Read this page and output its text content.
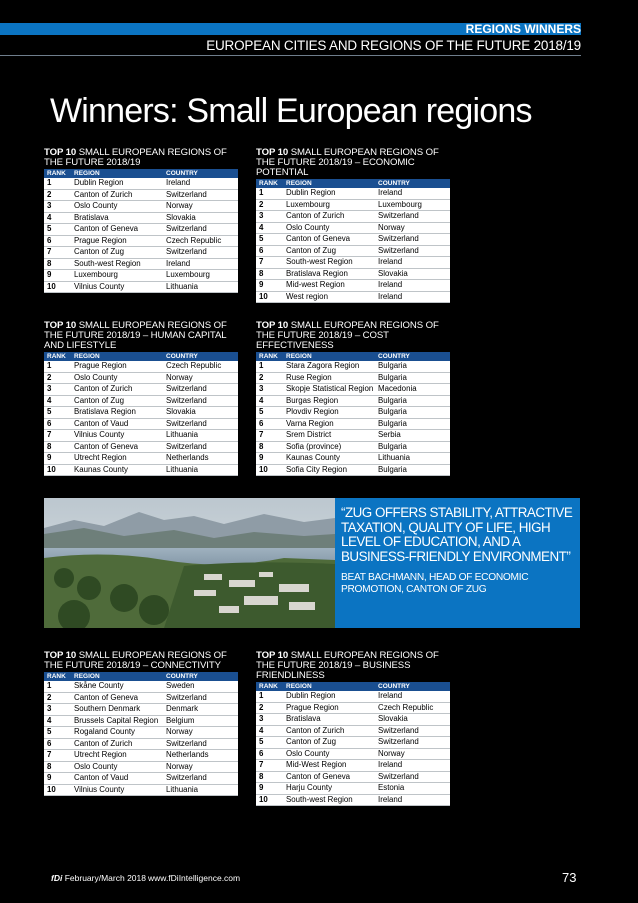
REGIONS WINNERS
EUROPEAN CITIES AND REGIONS OF THE FUTURE 2018/19
Winners: Small European regions
TOP 10 SMALL EUROPEAN REGIONS OF THE FUTURE 2018/19
RANK	REGION	COUNTRY
1	Dublin Region	Ireland
2	Canton of Zurich	Switzerland
3	Oslo County	Norway
4	Bratislava	Slovakia
5	Canton of Geneva	Switzerland
6	Prague Region	Czech Republic
7	Canton of Zug	Switzerland
8	South-west Region	Ireland
9	Luxembourg	Luxembourg
10	Vilnius County	Lithuania
TOP 10 SMALL EUROPEAN REGIONS OF THE FUTURE 2018/19 – ECONOMIC POTENTIAL
RANK	REGION	COUNTRY
1	Dublin Region	Ireland
2	Luxembourg	Luxembourg
3	Canton of Zurich	Switzerland
4	Oslo County	Norway
5	Canton of Geneva	Switzerland
6	Canton of Zug	Switzerland
7	South-west Region	Ireland
8	Bratislava Region	Slovakia
9	Mid-west Region	Ireland
10	West region	Ireland
TOP 10 SMALL EUROPEAN REGIONS OF THE FUTURE 2018/19 – HUMAN CAPITAL AND LIFESTYLE
RANK	REGION	COUNTRY
1	Prague Region	Czech Republic
2	Oslo County	Norway
3	Canton of Zurich	Switzerland
4	Canton of Zug	Switzerland
5	Bratislava Region	Slovakia
6	Canton of Vaud	Switzerland
7	Vilnius County	Lithuania
8	Canton of Geneva	Switzerland
9	Utrecht Region	Netherlands
10	Kaunas County	Lithuania
TOP 10 SMALL EUROPEAN REGIONS OF THE FUTURE 2018/19 – COST EFFECTIVENESS
RANK	REGION	COUNTRY
1	Stara Zagora Region	Bulgaria
2	Ruse Region	Bulgaria
3	Skopje Statistical Region	Macedonia
4	Burgas Region	Bulgaria
5	Plovdiv Region	Bulgaria
6	Varna Region	Bulgaria
7	Srem District	Serbia
8	Sofia (province)	Bulgaria
9	Kaunas County	Lithuania
10	Sofia City Region	Bulgaria
TOP 10 SMALL EUROPEAN REGIONS OF THE FUTURE 2018/19 – CONNECTIVITY
RANK	REGION	COUNTRY
1	Skåne County	Sweden
2	Canton of Geneva	Switzerland
3	Southern Denmark	Denmark
4	Brussels Capital Region	Belgium
5	Rogaland County	Norway
6	Canton of Zurich	Switzerland
7	Utrecht Region	Netherlands
8	Oslo County	Norway
9	Canton of Vaud	Switzerland
10	Vilnius County	Lithuania
TOP 10 SMALL EUROPEAN REGIONS OF THE FUTURE 2018/19 – BUSINESS FRIENDLINESS
RANK	REGION	COUNTRY
1	Dublin Region	Ireland
2	Prague Region	Czech Republic
3	Bratislava	Slovakia
4	Canton of Zurich	Switzerland
5	Canton of Zug	Switzerland
6	Oslo County	Norway
7	Mid-West Region	Ireland
8	Canton of Geneva	Switzerland
9	Harju County	Estonia
10	South-west Region	Ireland
“ZUG OFFERS STABILITY, ATTRACTIVE TAXATION, QUALITY OF LIFE, HIGH LEVEL OF EDUCATION, AND A BUSINESS-FRIENDLY ENVIRONMENT”
BEAT BACHMANN, HEAD OF ECONOMIC PROMOTION, CANTON OF ZUG
fDi February/March 2018 www.fDiIntelligence.com	73
